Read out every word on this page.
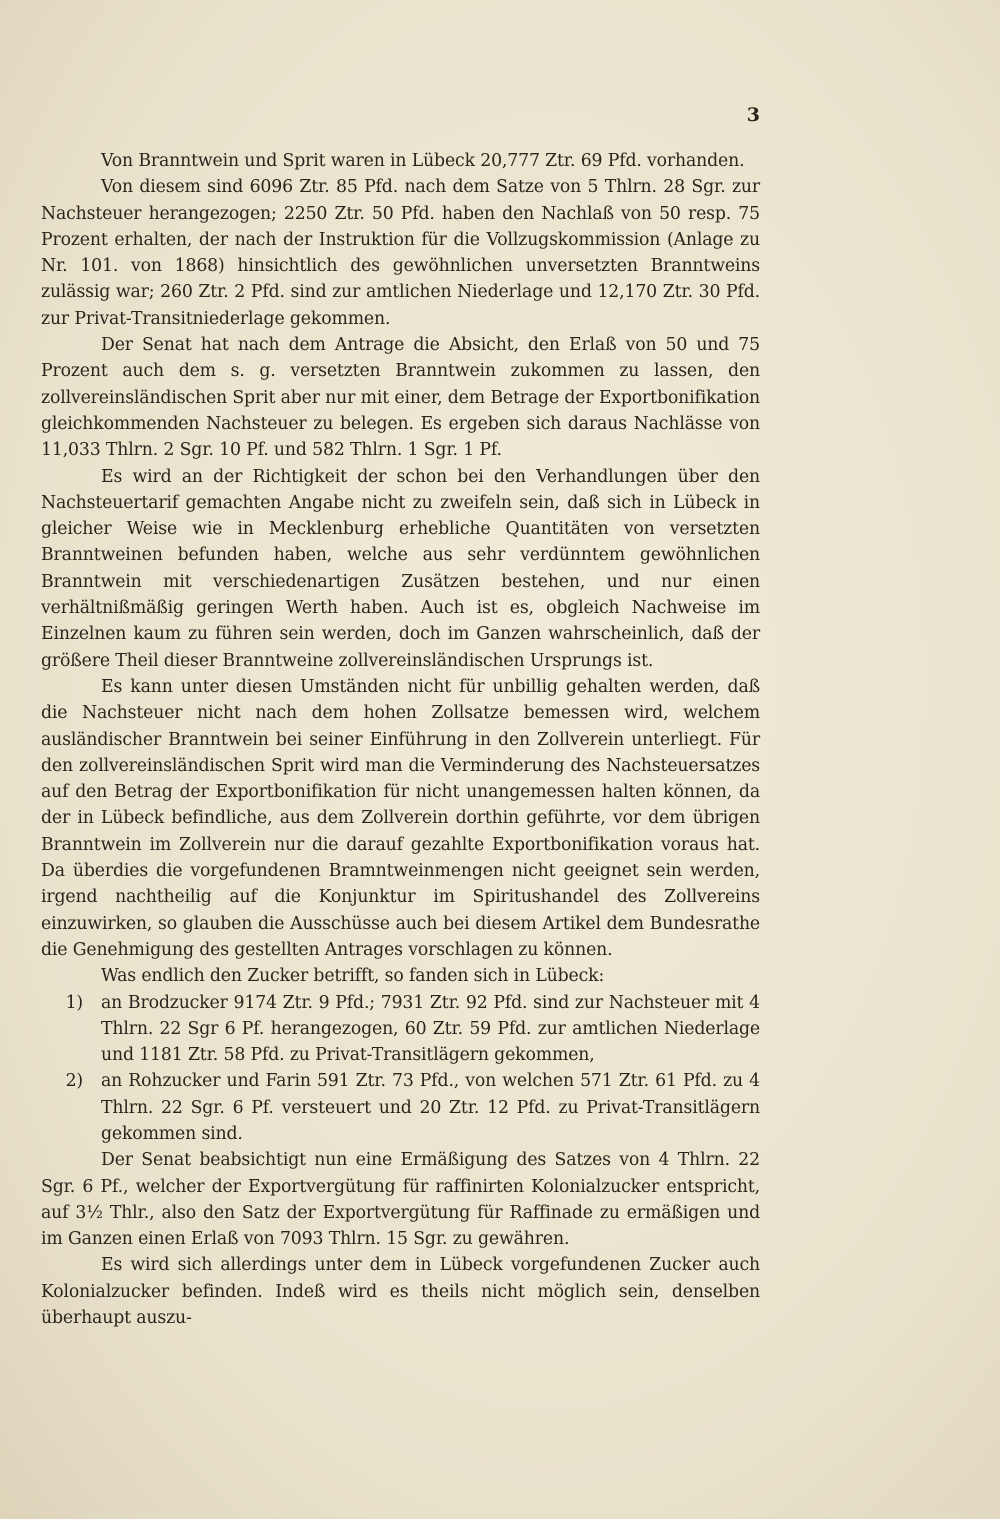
3

Von Branntwein und Sprit waren in Lübeck 20,777 Ztr. 69 Pfd. vorhanden.

Von diesem sind 6096 Ztr. 85 Pfd. nach dem Satze von 5 Thlrn. 28 Sgr. zur Nachsteuer herangezogen; 2250 Ztr. 50 Pfd. haben den Nachlaß von 50 resp. 75 Prozent erhalten, der nach der Instruktion für die Vollzugskommission (Anlage zu Nr. 101. von 1868) hinsichtlich des gewöhnlichen unversetzten Branntweins zulässig war; 260 Ztr. 2 Pfd. sind zur amtlichen Niederlage und 12,170 Ztr. 30 Pfd. zur Privat-Transitniederlage gekommen.

Der Senat hat nach dem Antrage die Absicht, den Erlaß von 50 und 75 Prozent auch dem s. g. versetzten Branntwein zukommen zu lassen, den zollvereinsländischen Sprit aber nur mit einer, dem Betrage der Exportbonifikation gleichkommenden Nachsteuer zu belegen. Es ergeben sich daraus Nachlässe von 11,033 Thlrn. 2 Sgr. 10 Pf. und 582 Thlrn. 1 Sgr. 1 Pf.

Es wird an der Richtigkeit der schon bei den Verhandlungen über den Nachsteuertarif gemachten Angabe nicht zu zweifeln sein, daß sich in Lübeck in gleicher Weise wie in Mecklenburg erhebliche Quantitäten von versetzten Branntweinen befunden haben, welche aus sehr verdünntem gewöhnlichen Branntwein mit verschiedenartigen Zusätzen bestehen, und nur einen verhältnißmäßig geringen Werth haben. Auch ist es, obgleich Nachweise im Einzelnen kaum zu führen sein werden, doch im Ganzen wahrscheinlich, daß der größere Theil dieser Branntweine zollvereinsländischen Ursprungs ist.

Es kann unter diesen Umständen nicht für unbillig gehalten werden, daß die Nachsteuer nicht nach dem hohen Zollsatze bemessen wird, welchem ausländischer Branntwein bei seiner Einführung in den Zollverein unterliegt. Für den zollvereinsländischen Sprit wird man die Verminderung des Nachsteuersatzes auf den Betrag der Exportbonifikation für nicht unangemessen halten können, da der in Lübeck befindliche, aus dem Zollverein dorthin geführte, vor dem übrigen Branntwein im Zollverein nur die darauf gezahlte Exportbonifikation voraus hat. Da überdies die vorgefundenen Bramntweinmengen nicht geeignet sein werden, irgend nachtheilig auf die Konjunktur im Spiritushandel des Zollvereins einzuwirken, so glauben die Ausschüsse auch bei diesem Artikel dem Bundesrathe die Genehmigung des gestellten Antrages vorschlagen zu können.

Was endlich den Zucker betrifft, so fanden sich in Lübeck:

1)	an Brodzucker 9174 Ztr. 9 Pfd.; 7931 Ztr. 92 Pfd. sind zur Nachsteuer mit 4 Thlrn. 22 Sgr 6 Pf. herangezogen, 60 Ztr. 59 Pfd. zur amtlichen Niederlage und 1181 Ztr. 58 Pfd. zu Privat-Transitlägern gekommen,
2)	an Rohzucker und Farin 591 Ztr. 73 Pfd., von welchen 571 Ztr. 61 Pfd. zu 4 Thlrn. 22 Sgr. 6 Pf. versteuert und 20 Ztr. 12 Pfd. zu Privat-Transitlägern gekommen sind.

Der Senat beabsichtigt nun eine Ermäßigung des Satzes von 4 Thlrn. 22 Sgr. 6 Pf., welcher der Exportvergütung für raffinirten Kolonialzucker entspricht, auf 3½ Thlr., also den Satz der Exportvergütung für Raffinade zu ermäßigen und im Ganzen einen Erlaß von 7093 Thlrn. 15 Sgr. zu gewähren.

Es wird sich allerdings unter dem in Lübeck vorgefundenen Zucker auch Kolonialzucker befinden. Indeß wird es theils nicht möglich sein, denselben überhaupt auszu-
